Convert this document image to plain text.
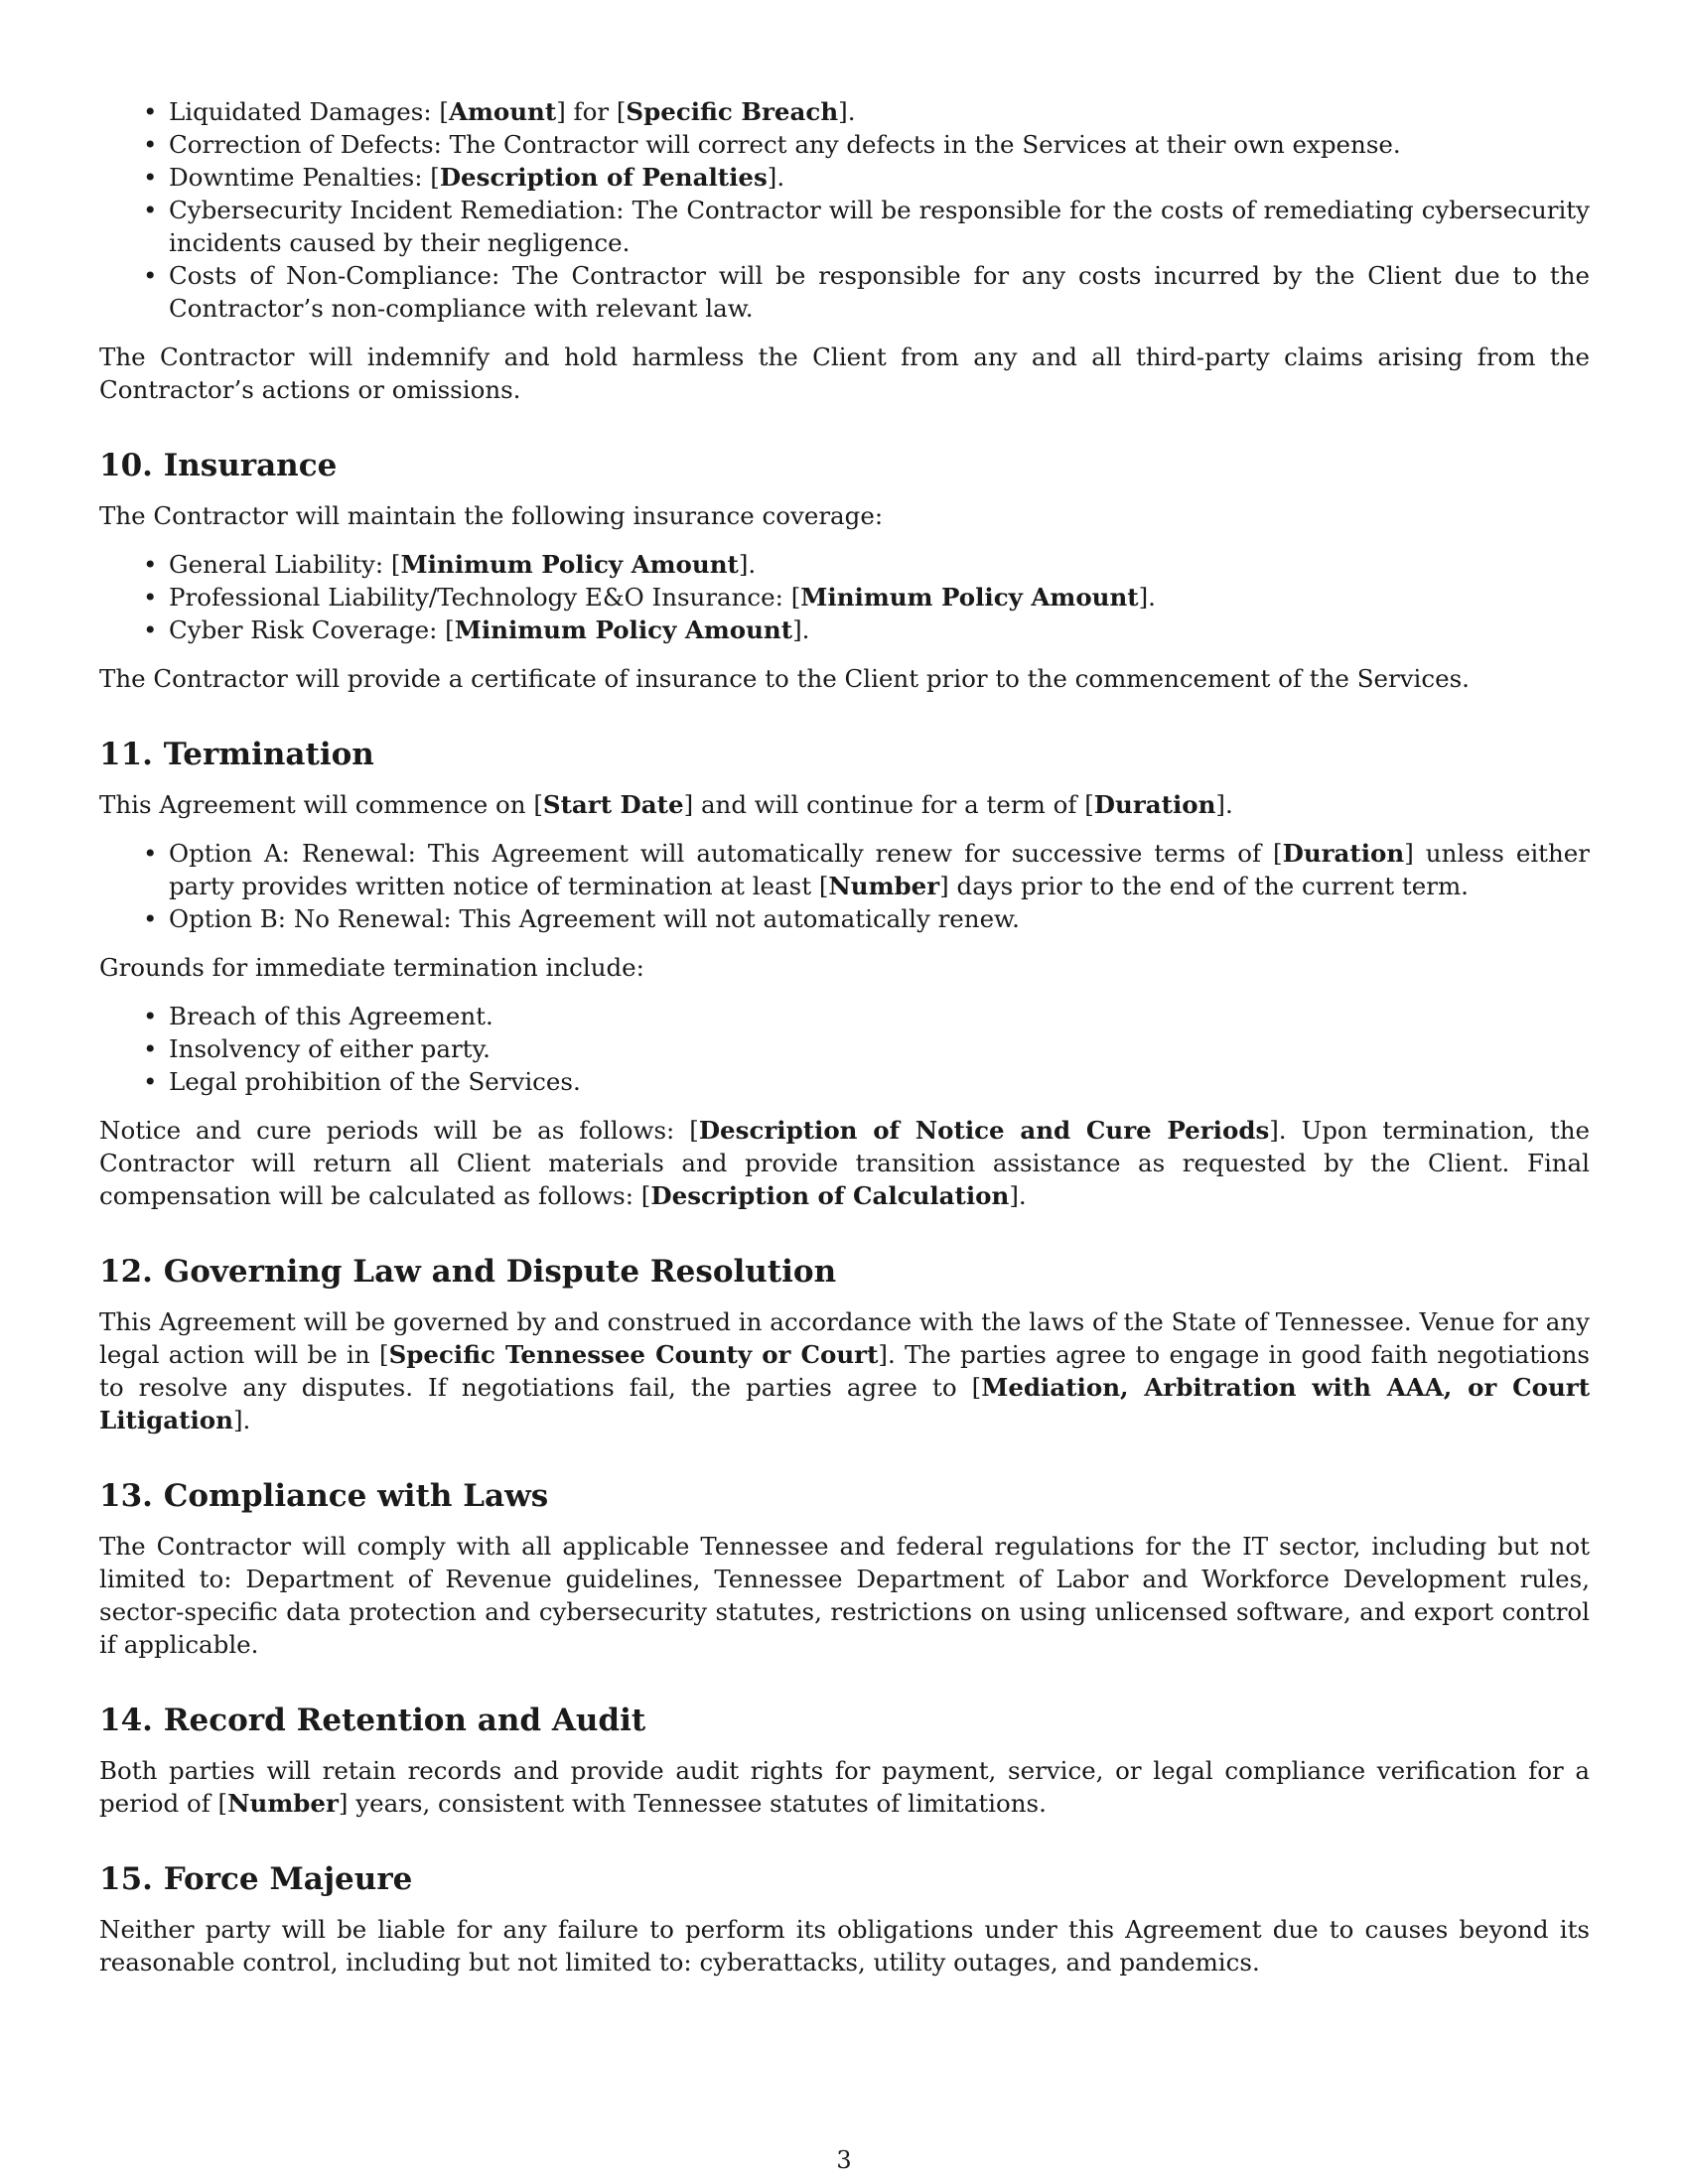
• Liquidated Damages: [Amount] for [Specific Breach].
• Correction of Defects: The Contractor will correct any defects in the Services at their own expense.
• Downtime Penalties: [Description of Penalties].
• Cybersecurity Incident Remediation: The Contractor will be responsible for the costs of remediating cybersecurity incidents caused by their negligence.
• Costs of Non-Compliance: The Contractor will be responsible for any costs incurred by the Client due to the Contractor’s non-compliance with relevant law.

The Contractor will indemnify and hold harmless the Client from any and all third-party claims arising from the Contractor’s actions or omissions.

10. Insurance

The Contractor will maintain the following insurance coverage:

• General Liability: [Minimum Policy Amount].
• Professional Liability/Technology E&O Insurance: [Minimum Policy Amount].
• Cyber Risk Coverage: [Minimum Policy Amount].

The Contractor will provide a certificate of insurance to the Client prior to the commencement of the Services.

11. Termination

This Agreement will commence on [Start Date] and will continue for a term of [Duration].

• Option A: Renewal: This Agreement will automatically renew for successive terms of [Duration] unless either party provides written notice of termination at least [Number] days prior to the end of the current term.
• Option B: No Renewal: This Agreement will not automatically renew.

Grounds for immediate termination include:

• Breach of this Agreement.
• Insolvency of either party.
• Legal prohibition of the Services.

Notice and cure periods will be as follows: [Description of Notice and Cure Periods]. Upon termination, the Contractor will return all Client materials and provide transition assistance as requested by the Client. Final compensation will be calculated as follows: [Description of Calculation].

12. Governing Law and Dispute Resolution

This Agreement will be governed by and construed in accordance with the laws of the State of Tennessee. Venue for any legal action will be in [Specific Tennessee County or Court]. The parties agree to engage in good faith negotiations to resolve any disputes. If negotiations fail, the parties agree to [Mediation, Arbitration with AAA, or Court Litigation].

13. Compliance with Laws

The Contractor will comply with all applicable Tennessee and federal regulations for the IT sector, including but not limited to: Department of Revenue guidelines, Tennessee Department of Labor and Workforce Development rules, sector-specific data protection and cybersecurity statutes, restrictions on using unlicensed software, and export control if applicable.

14. Record Retention and Audit

Both parties will retain records and provide audit rights for payment, service, or legal compliance verification for a period of [Number] years, consistent with Tennessee statutes of limitations.

15. Force Majeure

Neither party will be liable for any failure to perform its obligations under this Agreement due to causes beyond its reasonable control, including but not limited to: cyberattacks, utility outages, and pandemics.

3
